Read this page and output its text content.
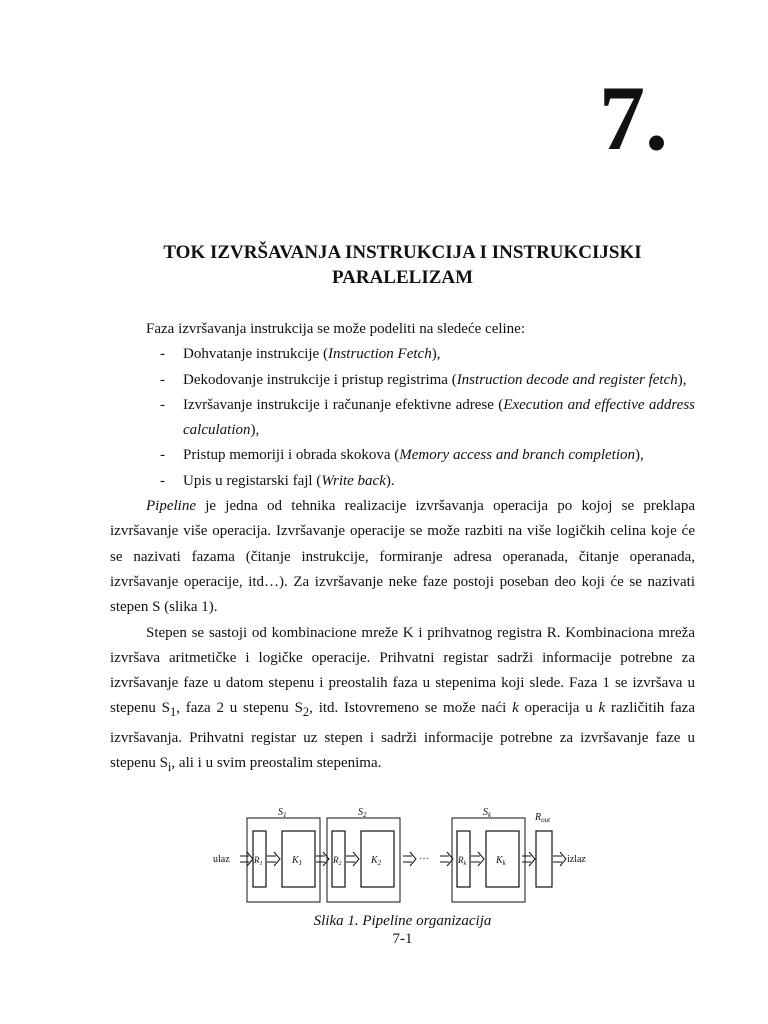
7.
TOK IZVRŠAVANJA INSTRUKCIJA I INSTRUKCIJSKI
PARALELIZAM

Faza izvršavanja instrukcija se može podeliti na sledeće celine:

- Dohvatanje instrukcije (Instruction Fetch),
- Dekodovanje instrukcije i pristup registrima (Instruction decode and register fetch),
- Izvršavanje instrukcije i računanje efektivne adrese (Execution and effective address calculation),
- Pristup memoriji i obrada skokova (Memory access and branch completion),
- Upis u registarski fajl (Write back).

Pipeline je jedna od tehnika realizacije izvršavanja operacija po kojoj se preklapa izvršavanje više operacija. Izvršavanje operacije se može razbiti na više logičkih celina koje će se nazivati fazama (čitanje instrukcije, formiranje adresa operanada, čitanje operanada, izvršavanje operacije, itd…). Za izvršavanje neke faze postoji poseban deo koji će se nazivati stepen S (slika 1).

Stepen se sastoji od kombinacione mreže K i prihvatnog registra R. Kombinaciona mreža izvršava aritmetičke i logičke operacije. Prihvatni registar sadrži informacije potrebne za izvršavanje faze u datom stepenu i preostalih faza u stepenima koji slede. Faza 1 se izvršava u stepenu $S_1$, faza 2 u stepenu $S_2$, itd. Istovremeno se može naći k operacija u k različitih faza izvršavanja. Prihvatni registar uz stepen i sadrži informacije potrebne za izvršavanje faze u stepenu $S_i$, ali i u svim preostalim stepenima.

ulaz
$S_1$
$R_1$	$K_1$
$S_2$
$R_2$	$K_2$	···
$S_k$
$R_k$	$K_k$
$R_{out}$
izlaz
Slika 1. Pipeline organizacija
7-1
